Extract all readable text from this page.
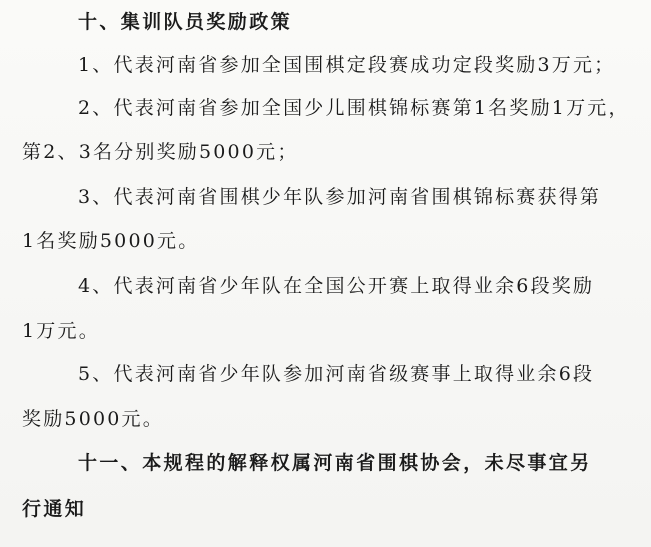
十、集训队员奖励政策
1、代表河南省参加全国围棋定段赛成功定段奖励3万元；
2、代表河南省参加全国少儿围棋锦标赛第1名奖励1万元，
第2、3名分别奖励5000元；
3、代表河南省围棋少年队参加河南省围棋锦标赛获得第
1名奖励5000元。
4、代表河南省少年队在全国公开赛上取得业余6段奖励
1万元。
5、代表河南省少年队参加河南省级赛事上取得业余6段
奖励5000元。
十一、本规程的解释权属河南省围棋协会，未尽事宜另
行通知
